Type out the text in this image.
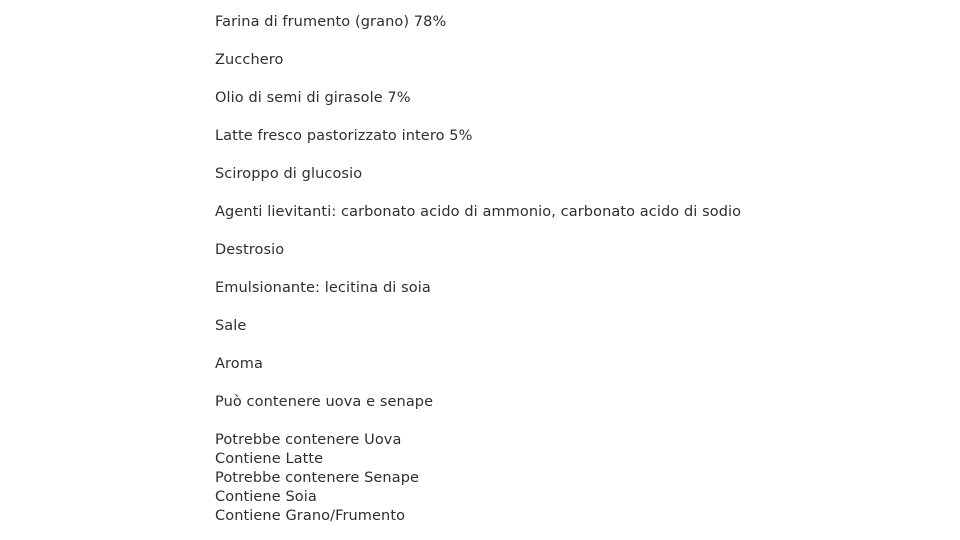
Farina di frumento (grano) 78%
Zucchero
Olio di semi di girasole 7%
Latte fresco pastorizzato intero 5%
Sciroppo di glucosio
Agenti lievitanti: carbonato acido di ammonio, carbonato acido di sodio
Destrosio
Emulsionante: lecitina di soia
Sale
Aroma
Può contenere uova e senape
Potrebbe contenere Uova
Contiene Latte
Potrebbe contenere Senape
Contiene Soia
Contiene Grano/Frumento
